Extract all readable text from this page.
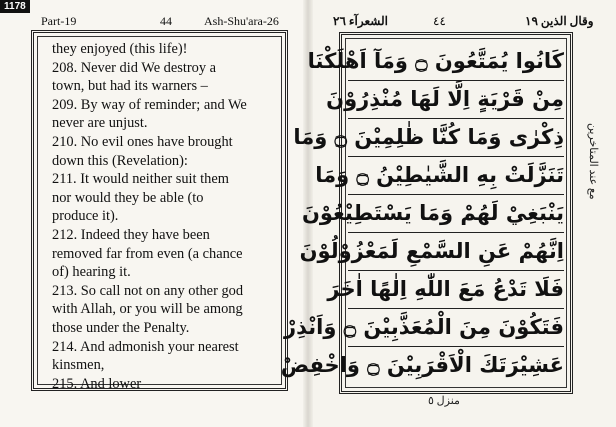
1178
Part-19	44	Ash-Shu'ara-26

they enjoyed (this life)!

208. Never did We destroy a

town, but had its warners –

209. By way of reminder; and We

never are unjust.

210. No evil ones have brought

down this (Revelation):

211. It would neither suit them

nor would they be able (to

produce it).

212. Indeed they have been

removed far from even (a chance

of) hearing it.

213. So call not on any other god

with Allah, or you will be among

those under the Penalty.

214. And admonish your nearest

kinsmen,

215. And lower

وقال الذين ١٩
٤٤
الشعرآء ٢٦
كَانُوا يُمَتَّعُونَ ۝ وَمَآ اَهْلَكْنَا
مِنْ قَرْيَةٍ اِلَّا لَهَا مُنْذِرُوْنَ
ذِكْرٰى وَمَا كُنَّا ظٰلِمِيْنَ ۝ وَمَا
تَنَزَّلَتْ بِهِ الشَّيٰطِيْنُ ۝ وَمَا
يَنْبَغِيْ لَهُمْ وَمَا يَسْتَطِيْعُوْنَ
اِنَّهُمْ عَنِ السَّمْعِ لَمَعْزُوْلُوْنَ
فَلَا تَدْعُ مَعَ اللّٰهِ اِلٰهًا اٰخَرَ
فَتَكُوْنَ مِنَ الْمُعَذَّبِيْنَ ۝ وَاَنْذِرْ
عَشِيْرَتَكَ الْاَقْرَبِيْنَ ۝ وَاخْفِضْ
مع عند المتاخرين
منزل ٥
